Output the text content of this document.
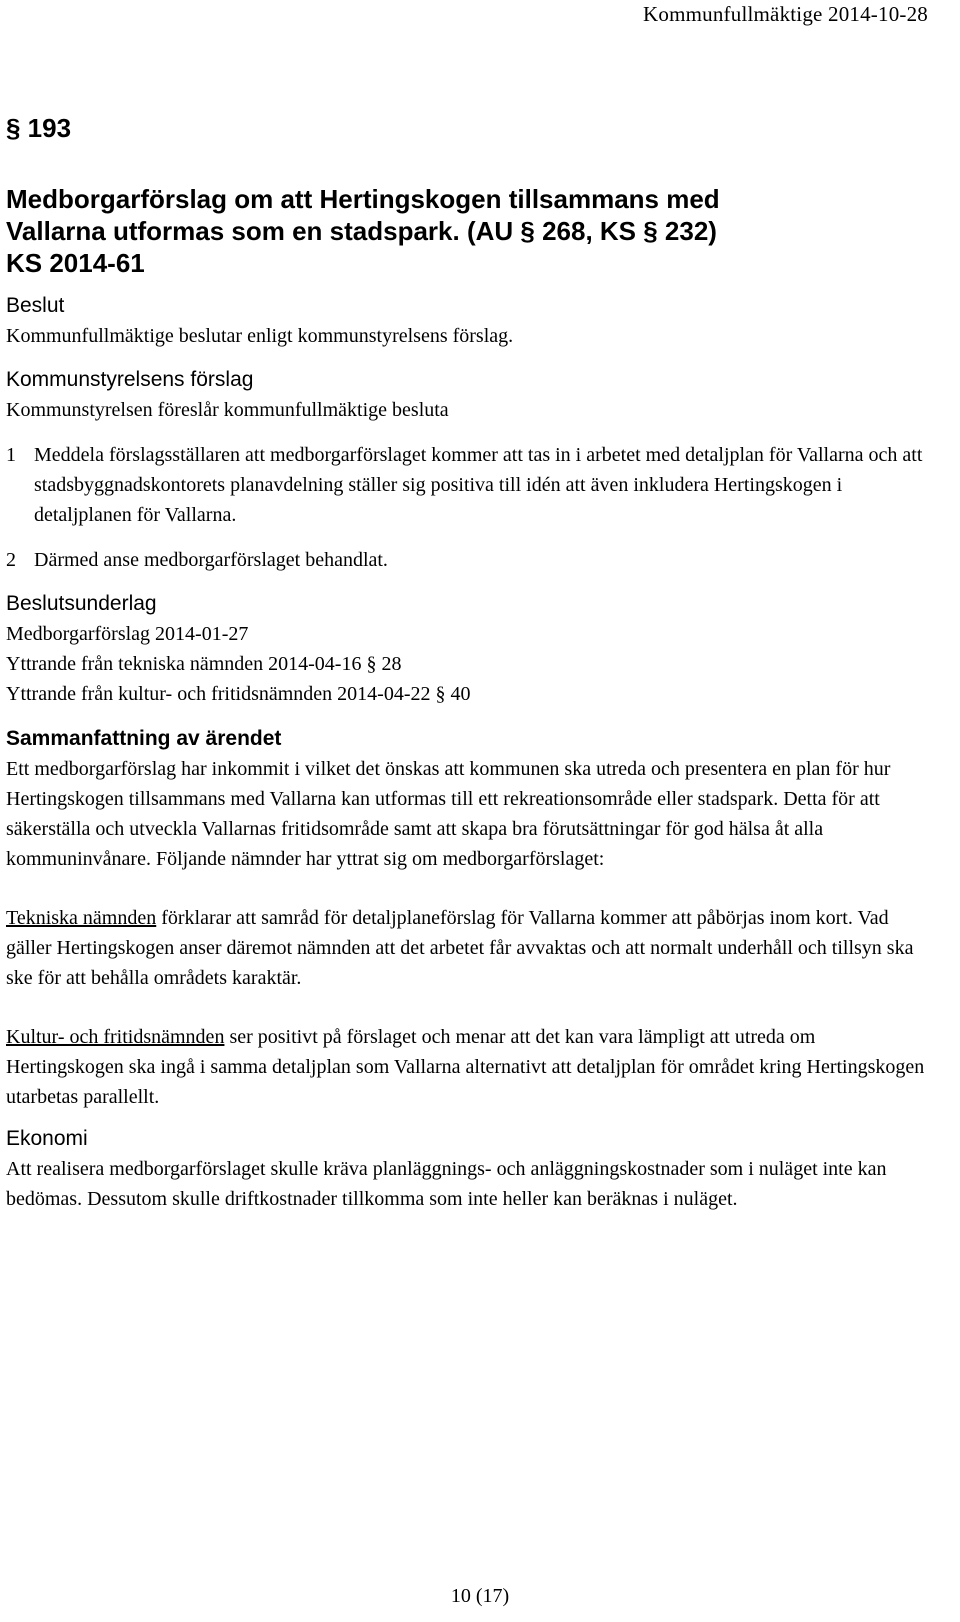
Kommunfullmäktige 2014-10-28
§ 193
Medborgarförslag om att Hertingskogen tillsammans med
Vallarna utformas som en stadspark. (AU § 268, KS § 232)
KS 2014-61
Beslut

Kommunfullmäktige beslutar enligt kommunstyrelsens förslag.

Kommunstyrelsens förslag

Kommunstyrelsen föreslår kommunfullmäktige besluta

1 Meddela förslagsställaren att medborgarförslaget kommer att tas in i arbetet med detaljplan för Vallarna och att stadsbyggnadskontorets planavdelning ställer sig positiva till idén att även inkludera Hertingskogen i detaljplanen för Vallarna.
2 Därmed anse medborgarförslaget behandlat.
Beslutsunderlag

Medborgarförslag 2014-01-27

Yttrande från tekniska nämnden 2014-04-16 § 28

Yttrande från kultur- och fritidsnämnden 2014-04-22 § 40

Sammanfattning av ärendet

Ett medborgarförslag har inkommit i vilket det önskas att kommunen ska utreda och presentera en plan för hur Hertingskogen tillsammans med Vallarna kan utformas till ett rekreationsområde eller stadspark. Detta för att säkerställa och utveckla Vallarnas fritidsområde samt att skapa bra förutsättningar för god hälsa åt alla kommuninvånare. Följande nämnder har yttrat sig om medborgarförslaget:

Tekniska nämnden förklarar att samråd för detaljplaneförslag för Vallarna kommer att påbörjas inom kort. Vad gäller Hertingskogen anser däremot nämnden att det arbetet får avvaktas och att normalt underhåll och tillsyn ska ske för att behålla områdets karaktär.

Kultur- och fritidsnämnden ser positivt på förslaget och menar att det kan vara lämpligt att utreda om Hertingskogen ska ingå i samma detaljplan som Vallarna alternativt att detaljplan för området kring Hertingskogen utarbetas parallellt.

Ekonomi

Att realisera medborgarförslaget skulle kräva planläggnings- och anläggningskostnader som i nuläget inte kan bedömas. Dessutom skulle driftkostnader tillkomma som inte heller kan beräknas i nuläget.

10 (17)
